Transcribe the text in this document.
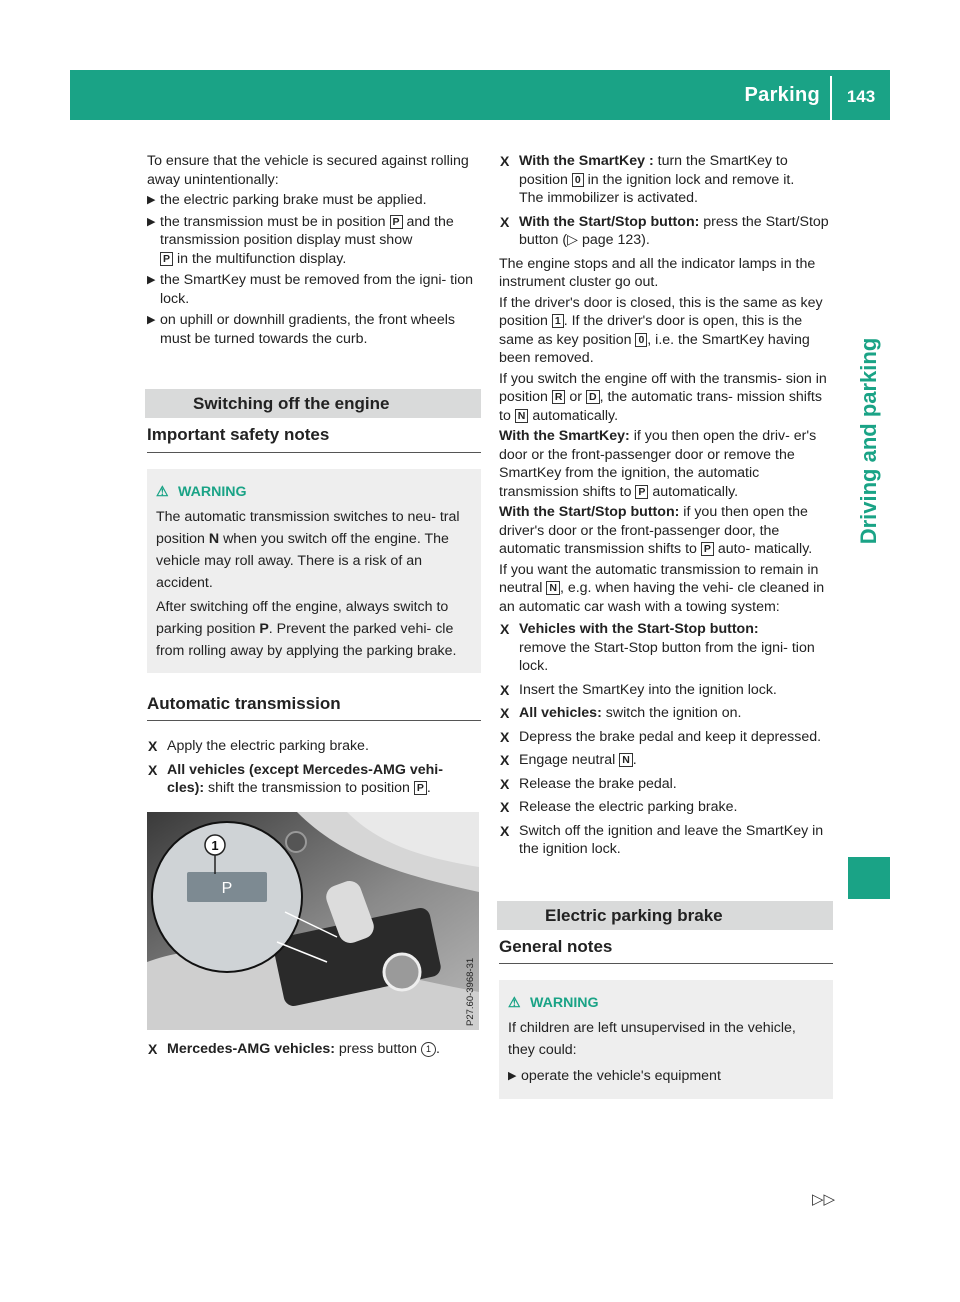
Parking	143
Driving and parking

To ensure that the vehicle is secured against rolling away unintentionally:

▶ the electric parking brake must be applied.
▶ the transmission must be in position P and the transmission position display must show
P in the multifunction display.
▶ the SmartKey must be removed from the igni- tion lock.
▶ on uphill or downhill gradients, the front wheels must be turned towards the curb.
Switching off the engine
Important safety notes
⚠ WARNING

The automatic transmission switches to neu- tral position N when you switch off the engine. The vehicle may roll away. There is a risk of an accident.

After switching off the engine, always switch to parking position P. Prevent the parked vehi- cle from rolling away by applying the parking brake.

Automatic transmission
X Apply the electric parking brake.
X All vehicles (except Mercedes-AMG vehi- cles): shift the transmission to position P .
1
P
P27.60-3968-31
X Mercedes-AMG vehicles: press button 1 .
X With the SmartKey : turn the SmartKey to position 0 in the ignition lock and remove it.
The immobilizer is activated.
X With the Start/Stop button: press the Start/Stop button (▷ page 123).

The engine stops and all the indicator lamps in the instrument cluster go out.

If the driver's door is closed, this is the same as key position 1 . If the driver's door is open, this is the same as key position 0 , i.e. the SmartKey having been removed.

If you switch the engine off with the transmis- sion in position R or D , the automatic trans- mission shifts to N automatically.

With the SmartKey: if you then open the driv- er's door or the front-passenger door or remove the SmartKey from the ignition, the automatic transmission shifts to P automatically.

With the Start/Stop button: if you then open the driver's door or the front-passenger door, the automatic transmission shifts to P auto- matically.

If you want the automatic transmission to remain in neutral N , e.g. when having the vehi- cle cleaned in an automatic car wash with a towing system:

X Vehicles with the Start-Stop button:
remove the Start-Stop button from the igni- tion lock.
X Insert the SmartKey into the ignition lock.
X All vehicles: switch the ignition on.
X Depress the brake pedal and keep it depressed.
X Engage neutral N .
X Release the brake pedal.
X Release the electric parking brake.
X Switch off the ignition and leave the SmartKey in the ignition lock.
Electric parking brake
General notes
⚠ WARNING

If children are left unsupervised in the vehicle, they could:

▶ operate the vehicle's equipment
▷▷
